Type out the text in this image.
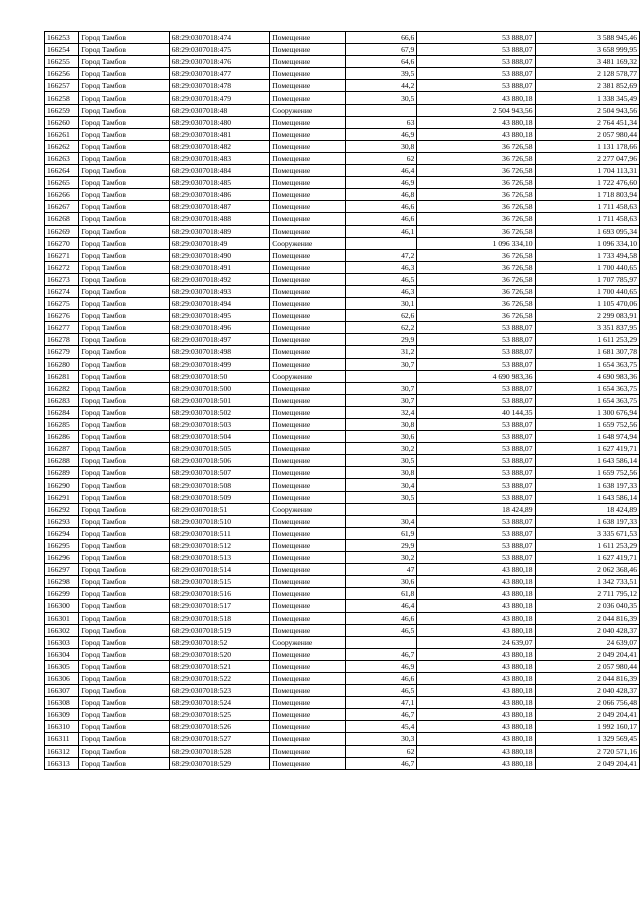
166253	Город Тамбов	68:29:0307018:474	Помещение	66,6	53 888,07	3 588 945,46
166254	Город Тамбов	68:29:0307018:475	Помещение	67,9	53 888,07	3 658 999,95
166255	Город Тамбов	68:29:0307018:476	Помещение	64,6	53 888,07	3 481 169,32
166256	Город Тамбов	68:29:0307018:477	Помещение	39,5	53 888,07	2 128 578,77
166257	Город Тамбов	68:29:0307018:478	Помещение	44,2	53 888,07	2 381 852,69
166258	Город Тамбов	68:29:0307018:479	Помещение	30,5	43 880,18	1 338 345,49
166259	Город Тамбов	68:29:0307018:48	Сооружение		2 504 943,56	2 504 943,56
166260	Город Тамбов	68:29:0307018:480	Помещение	63	43 880,18	2 764 451,34
166261	Город Тамбов	68:29:0307018:481	Помещение	46,9	43 880,18	2 057 980,44
166262	Город Тамбов	68:29:0307018:482	Помещение	30,8	36 726,58	1 131 178,66
166263	Город Тамбов	68:29:0307018:483	Помещение	62	36 726,58	2 277 047,96
166264	Город Тамбов	68:29:0307018:484	Помещение	46,4	36 726,58	1 704 113,31
166265	Город Тамбов	68:29:0307018:485	Помещение	46,9	36 726,58	1 722 476,60
166266	Город Тамбов	68:29:0307018:486	Помещение	46,8	36 726,58	1 718 803,94
166267	Город Тамбов	68:29:0307018:487	Помещение	46,6	36 726,58	1 711 458,63
166268	Город Тамбов	68:29:0307018:488	Помещение	46,6	36 726,58	1 711 458,63
166269	Город Тамбов	68:29:0307018:489	Помещение	46,1	36 726,58	1 693 095,34
166270	Город Тамбов	68:29:0307018:49	Сооружение		1 096 334,10	1 096 334,10
166271	Город Тамбов	68:29:0307018:490	Помещение	47,2	36 726,58	1 733 494,58
166272	Город Тамбов	68:29:0307018:491	Помещение	46,3	36 726,58	1 700 440,65
166273	Город Тамбов	68:29:0307018:492	Помещение	46,5	36 726,58	1 707 785,97
166274	Город Тамбов	68:29:0307018:493	Помещение	46,3	36 726,58	1 700 440,65
166275	Город Тамбов	68:29:0307018:494	Помещение	30,1	36 726,58	1 105 470,06
166276	Город Тамбов	68:29:0307018:495	Помещение	62,6	36 726,58	2 299 083,91
166277	Город Тамбов	68:29:0307018:496	Помещение	62,2	53 888,07	3 351 837,95
166278	Город Тамбов	68:29:0307018:497	Помещение	29,9	53 888,07	1 611 253,29
166279	Город Тамбов	68:29:0307018:498	Помещение	31,2	53 888,07	1 681 307,78
166280	Город Тамбов	68:29:0307018:499	Помещение	30,7	53 888,07	1 654 363,75
166281	Город Тамбов	68:29:0307018:50	Сооружение		4 690 983,36	4 690 983,36
166282	Город Тамбов	68:29:0307018:500	Помещение	30,7	53 888,07	1 654 363,75
166283	Город Тамбов	68:29:0307018:501	Помещение	30,7	53 888,07	1 654 363,75
166284	Город Тамбов	68:29:0307018:502	Помещение	32,4	40 144,35	1 300 676,94
166285	Город Тамбов	68:29:0307018:503	Помещение	30,8	53 888,07	1 659 752,56
166286	Город Тамбов	68:29:0307018:504	Помещение	30,6	53 888,07	1 648 974,94
166287	Город Тамбов	68:29:0307018:505	Помещение	30,2	53 888,07	1 627 419,71
166288	Город Тамбов	68:29:0307018:506	Помещение	30,5	53 888,07	1 643 586,14
166289	Город Тамбов	68:29:0307018:507	Помещение	30,8	53 888,07	1 659 752,56
166290	Город Тамбов	68:29:0307018:508	Помещение	30,4	53 888,07	1 638 197,33
166291	Город Тамбов	68:29:0307018:509	Помещение	30,5	53 888,07	1 643 586,14
166292	Город Тамбов	68:29:0307018:51	Сооружение		18 424,89	18 424,89
166293	Город Тамбов	68:29:0307018:510	Помещение	30,4	53 888,07	1 638 197,33
166294	Город Тамбов	68:29:0307018:511	Помещение	61,9	53 888,07	3 335 671,53
166295	Город Тамбов	68:29:0307018:512	Помещение	29,9	53 888,07	1 611 253,29
166296	Город Тамбов	68:29:0307018:513	Помещение	30,2	53 888,07	1 627 419,71
166297	Город Тамбов	68:29:0307018:514	Помещение	47	43 880,18	2 062 368,46
166298	Город Тамбов	68:29:0307018:515	Помещение	30,6	43 880,18	1 342 733,51
166299	Город Тамбов	68:29:0307018:516	Помещение	61,8	43 880,18	2 711 795,12
166300	Город Тамбов	68:29:0307018:517	Помещение	46,4	43 880,18	2 036 040,35
166301	Город Тамбов	68:29:0307018:518	Помещение	46,6	43 880,18	2 044 816,39
166302	Город Тамбов	68:29:0307018:519	Помещение	46,5	43 880,18	2 040 428,37
166303	Город Тамбов	68:29:0307018:52	Сооружение		24 639,07	24 639,07
166304	Город Тамбов	68:29:0307018:520	Помещение	46,7	43 880,18	2 049 204,41
166305	Город Тамбов	68:29:0307018:521	Помещение	46,9	43 880,18	2 057 980,44
166306	Город Тамбов	68:29:0307018:522	Помещение	46,6	43 880,18	2 044 816,39
166307	Город Тамбов	68:29:0307018:523	Помещение	46,5	43 880,18	2 040 428,37
166308	Город Тамбов	68:29:0307018:524	Помещение	47,1	43 880,18	2 066 756,48
166309	Город Тамбов	68:29:0307018:525	Помещение	46,7	43 880,18	2 049 204,41
166310	Город Тамбов	68:29:0307018:526	Помещение	45,4	43 880,18	1 992 160,17
166311	Город Тамбов	68:29:0307018:527	Помещение	30,3	43 880,18	1 329 569,45
166312	Город Тамбов	68:29:0307018:528	Помещение	62	43 880,18	2 720 571,16
166313	Город Тамбов	68:29:0307018:529	Помещение	46,7	43 880,18	2 049 204,41
